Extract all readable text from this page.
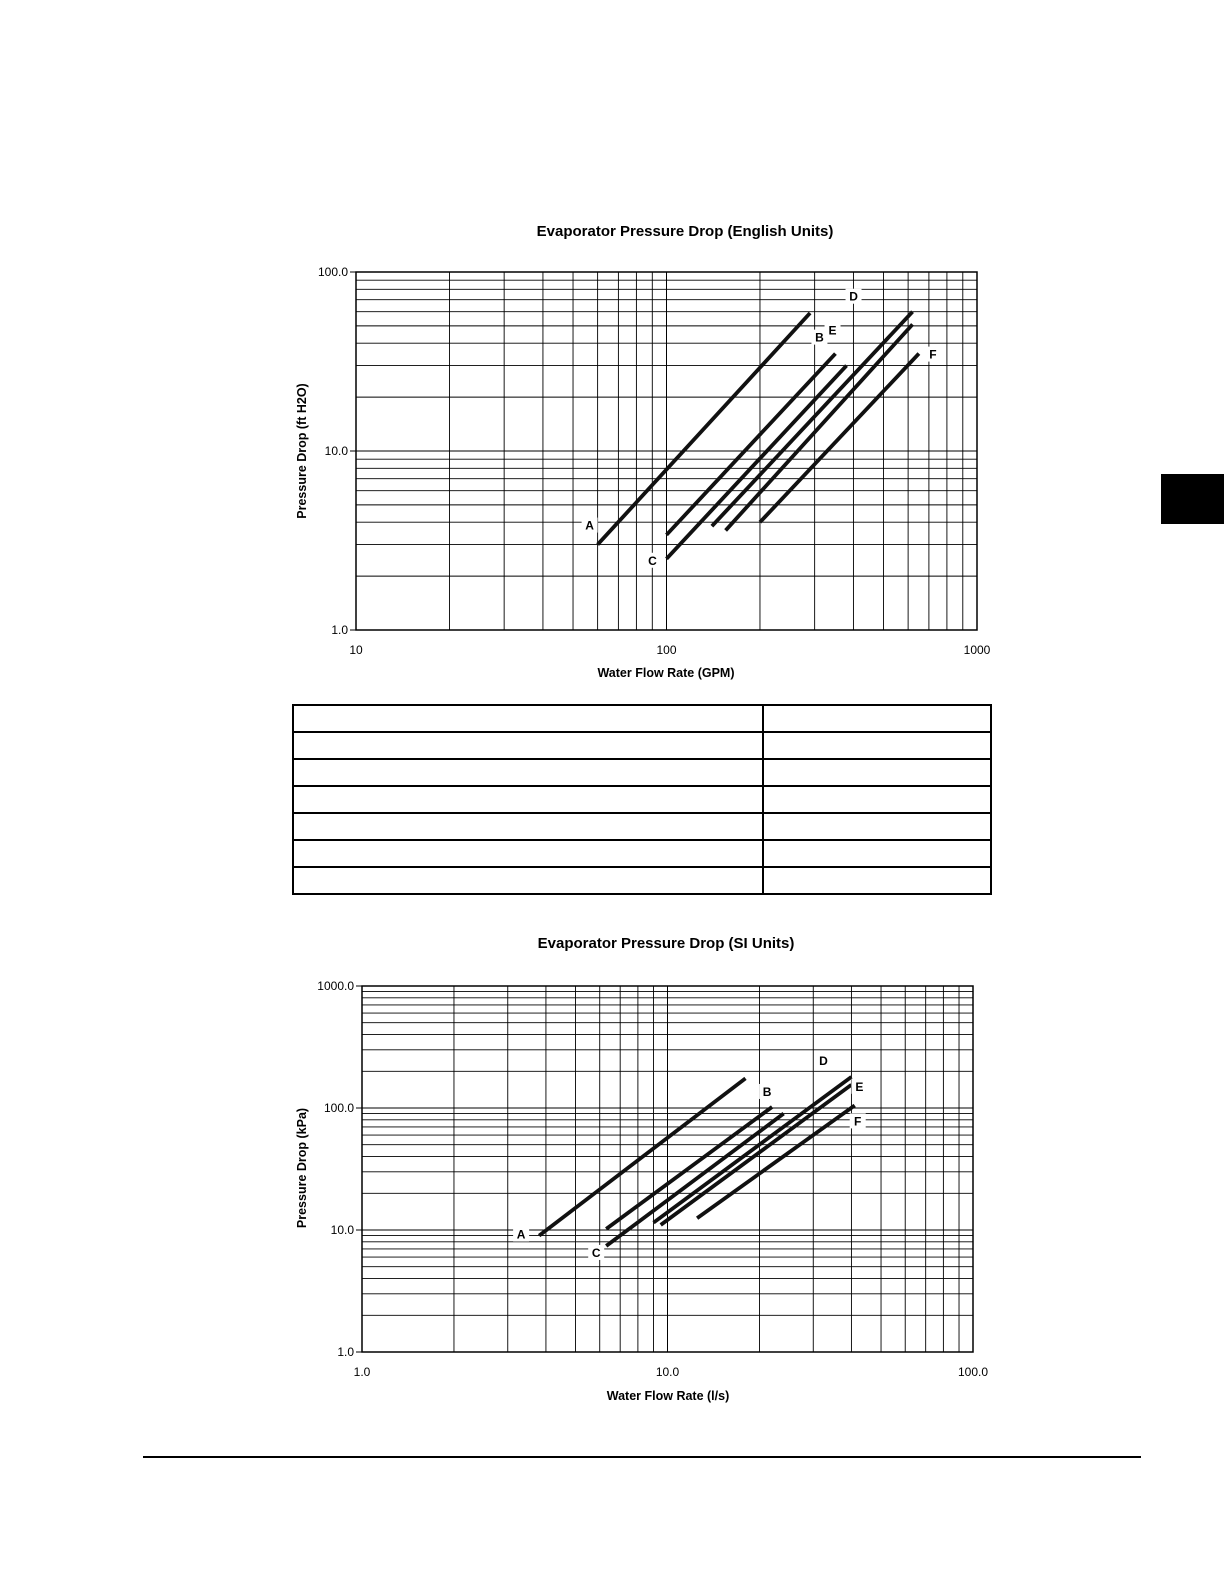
Evaporator Pressure Drop (English Units)
A
B
C
D
E
F
Water Flow Rate (GPM)
Pressure Drop (ft H2O)
10	100	1000
1.0
10.0
100.0

Evaporator Pressure Drop (SI Units)
A
B
C
D
E
F
Water Flow Rate (l/s)
Pressure Drop (kPa)
1.0	10.0	100.0
1.0
10.0
100.0
1000.0
